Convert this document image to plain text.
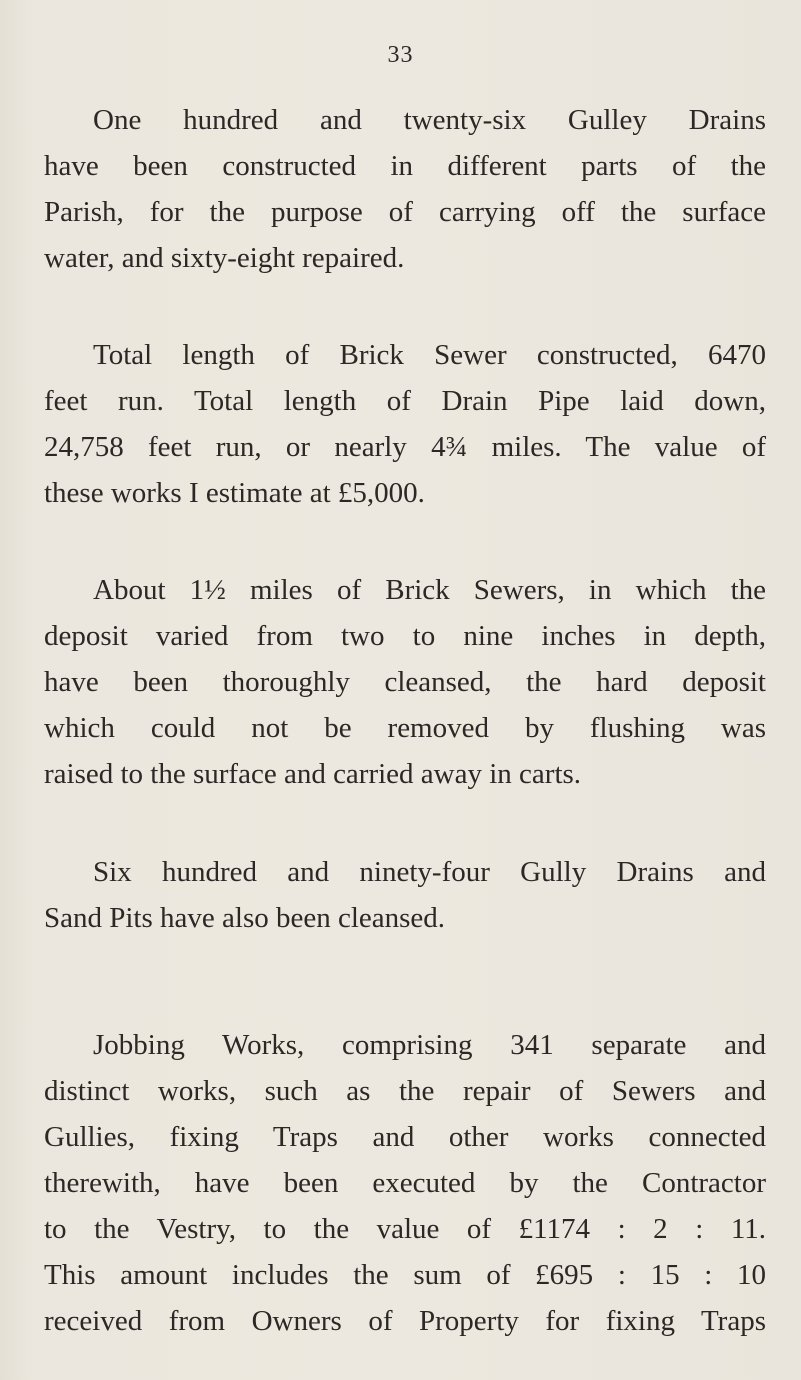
33
One hundred and twenty-six Gulley Drains
have been constructed in different parts of the
Parish, for the purpose of carrying off the surface
water, and sixty-eight repaired.
Total length of Brick Sewer constructed, 6470
feet run. Total length of Drain Pipe laid down,
24,758 feet run, or nearly 4¾ miles. The value of
these works I estimate at £5,000.
About 1½ miles of Brick Sewers, in which the
deposit varied from two to nine inches in depth,
have been thoroughly cleansed, the hard deposit
which could not be removed by flushing was
raised to the surface and carried away in carts.
Six hundred and ninety-four Gully Drains and
Sand Pits have also been cleansed.
Jobbing Works, comprising 341 separate and
distinct works, such as the repair of Sewers and
Gullies, fixing Traps and other works connected
therewith, have been executed by the Contractor
to the Vestry, to the value of £1174 : 2 : 11.
This amount includes the sum of £695 : 15 : 10
received from Owners of Property for fixing Traps
